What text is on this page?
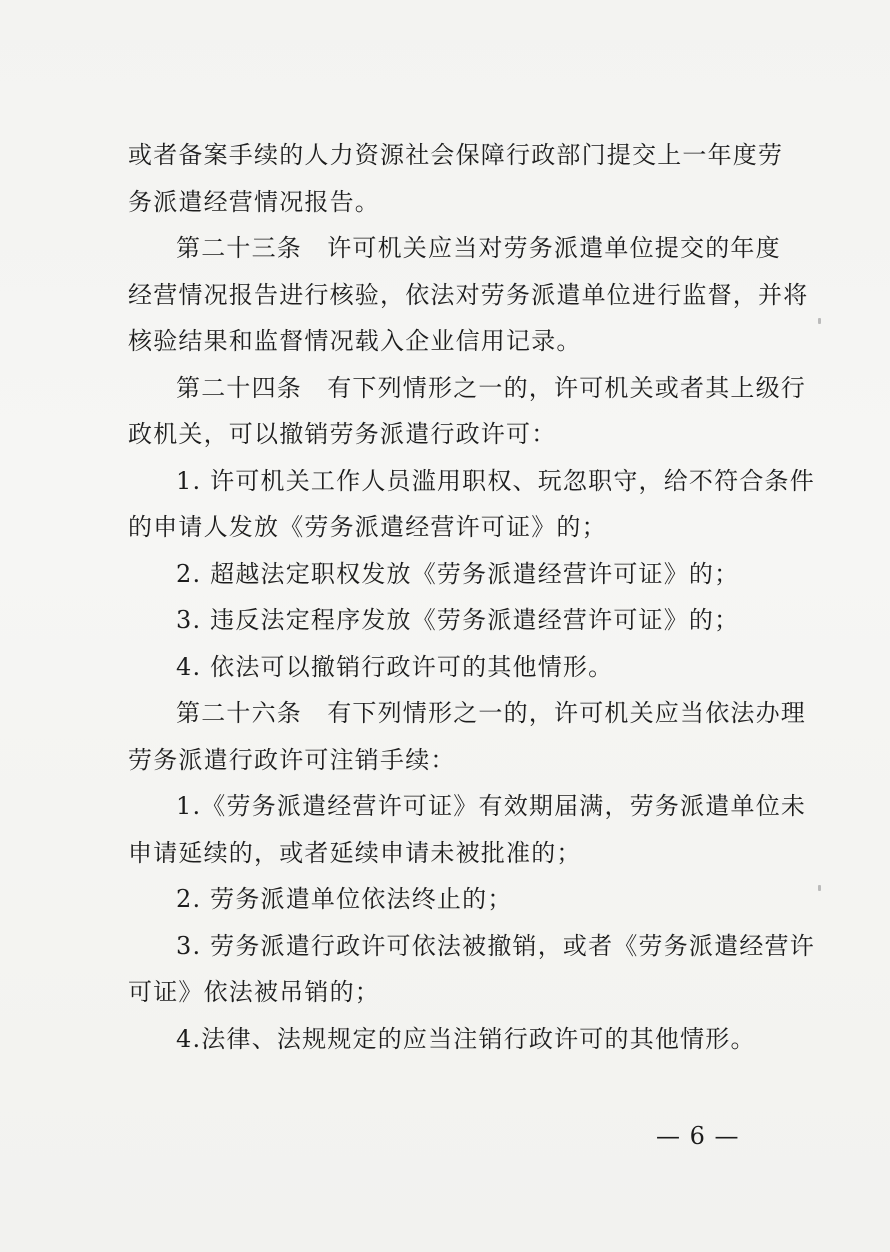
或者备案手续的人力资源社会保障行政部门提交上一年度劳
务派遣经营情况报告。
第二十三条　许可机关应当对劳务派遣单位提交的年度
经营情况报告进行核验，依法对劳务派遣单位进行监督，并将
核验结果和监督情况载入企业信用记录。
第二十四条　有下列情形之一的，许可机关或者其上级行
政机关，可以撤销劳务派遣行政许可：
1. 许可机关工作人员滥用职权、玩忽职守，给不符合条件
的申请人发放《劳务派遣经营许可证》的；
2. 超越法定职权发放《劳务派遣经营许可证》的；
3. 违反法定程序发放《劳务派遣经营许可证》的；
4. 依法可以撤销行政许可的其他情形。
第二十六条　有下列情形之一的，许可机关应当依法办理
劳务派遣行政许可注销手续：
1.《劳务派遣经营许可证》有效期届满，劳务派遣单位未
申请延续的，或者延续申请未被批准的；
2. 劳务派遣单位依法终止的；
3. 劳务派遣行政许可依法被撤销，或者《劳务派遣经营许
可证》依法被吊销的；
4.法律、法规规定的应当注销行政许可的其他情形。
— 6 —
